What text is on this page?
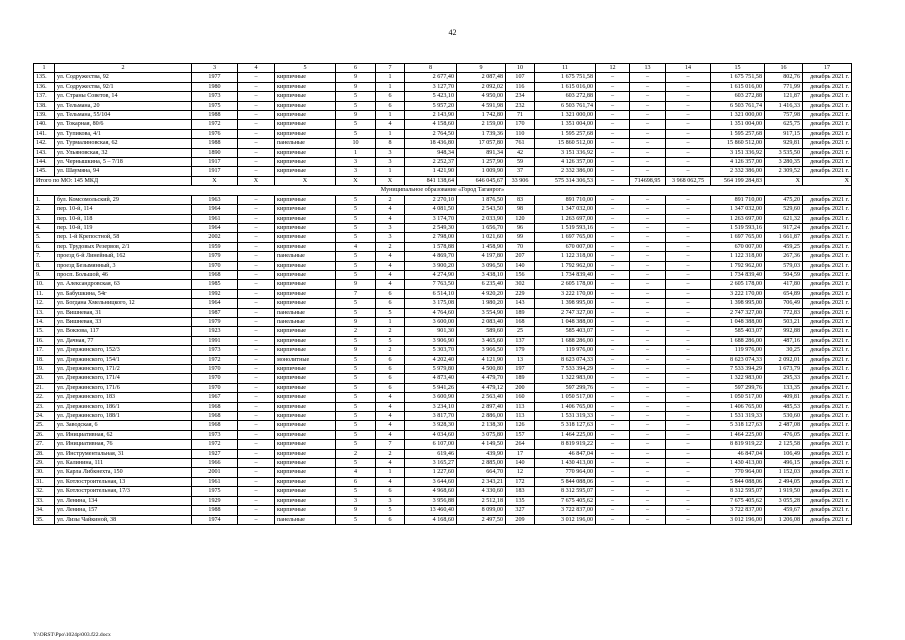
42
1	2	3	4	5	6	7	8	9	10	11	12	13	14	15	16	17
135.	ул. Содружества, 92	1977	–	кирпичные	9	1	2 677,40	2 087,48	107	1 675 751,58	–	–	–	1 675 751,58	802,76	декабрь 2021 г.
136.	ул. Содружества, 92/1	1980	–	кирпичные	9	1	3 127,70	2 092,02	116	1 615 016,00	–	–	–	1 615 016,00	771,99	декабрь 2021 г.
137.	ул. Страны Советов, 14	1973	–	кирпичные	5	6	5 423,10	4 950,00	234	603 272,88	–	–	–	603 272,88	121,87	декабрь 2021 г.
138.	ул. Тельмана, 20	1975	–	кирпичные	5	6	5 957,20	4 591,98	232	6 503 761,74	–	–	–	6 503 761,74	1 416,33	декабрь 2021 г.
139.	ул. Тельмана, 55/104	1988	–	кирпичные	9	1	2 143,90	1 742,80	71	1 321 000,00	–	–	–	1 321 000,00	757,98	декабрь 2021 г.
140.	ул. Токарная, 80/6	1972	–	кирпичные	5	4	4 158,60	2 159,00	170	1 351 004,00	–	–	–	1 351 004,00	625,75	декабрь 2021 г.
141.	ул. Тупикова, 4/1	1976	–	кирпичные	5	1	2 764,50	1 739,36	110	1 595 257,68	–	–	–	1 595 257,68	917,15	декабрь 2021 г.
142.	ул. Турмалиновская, 62	1988	–	панельные	10	8	18 436,80	17 057,80	761	15 860 512,00	–	–	–	15 860 512,00	929,81	декабрь 2021 г.
143.	ул. Ульяновская, 32	1890	–	кирпичные	1	3	948,34	891,34	42	3 151 336,92	–	–	–	3 151 336,92	3 535,50	декабрь 2021 г.
144.	ул. Чернышкина, 5 – 7/18	1917	–	кирпичные	3	3	2 252,37	1 257,90	59	4 126 357,00	–	–	–	4 126 357,00	3 280,35	декабрь 2021 г.
145.	ул. Шаумяна, 94	1917	–	кирпичные	3	1	1 421,90	1 009,90	37	2 332 386,00	–	–	–	2 332 386,00	2 309,52	декабрь 2021 г.
Итого по МО: 145 МКД		X	X	X	X	X	841 138,64	646 045,67	33 906	575 314 306,53	–	714698,95	3 968 062,75	564 199 284,83	X	X
Муниципальное образование «Город Таганрог»																
1.	бул. Комсомольский, 29	1963	–	кирпичные	5	2	2 270,10	1 876,50	83	891 710,00	–	–	–	891 710,00	475,20	декабрь 2021 г.
2.	пер. 10-й, 114	1964	–	кирпичные	5	4	4 081,50	2 543,50	98	1 347 032,00	–	–	–	1 347 032,00	529,60	декабрь 2021 г.
3.	пер. 10-й, 118	1961	–	кирпичные	5	4	3 174,70	2 033,90	120	1 263 697,00	–	–	–	1 263 697,00	621,32	декабрь 2021 г.
4.	пер. 10-й, 119	1964	–	кирпичные	5	3	2 549,30	1 656,70	96	1 519 593,16	–	–	–	1 519 593,16	917,24	декабрь 2021 г.
5.	пер. 1-й Крепостной, 58	2002	–	кирпичные	5	3	2 798,00	1 021,60	99	1 697 765,00	–	–	–	1 697 765,00	1 661,87	декабрь 2021 г.
6.	пер. Трудовых Резервов, 2/1	1959	–	кирпичные	4	2	1 578,88	1 458,90	70	670 007,00	–	–	–	670 007,00	459,25	декабрь 2021 г.
7.	проезд 6-й Линейный, 162	1979	–	панельные	5	4	4 869,70	4 197,80	207	1 122 318,00	–	–	–	1 122 318,00	267,36	декабрь 2021 г.
8.	проезд Безымянный, 3	1970	–	кирпичные	5	4	3 900,20	3 096,50	140	1 792 962,00	–	–	–	1 792 962,00	579,03	декабрь 2021 г.
9.	просп. Большой, 46	1968	–	кирпичные	5	4	4 274,90	3 438,10	156	1 734 839,40	–	–	–	1 734 839,40	504,59	декабрь 2021 г.
10.	ул. Александровская, 63	1985	–	кирпичные	9	4	7 763,50	6 235,40	302	2 605 178,00	–	–	–	2 605 178,00	417,80	декабрь 2021 г.
11.	ул. Бабушкина, 54г	1992	–	кирпичные	7	6	6 514,10	4 920,20	229	3 222 170,00	–	–	–	3 222 170,00	654,89	декабрь 2021 г.
12.	ул. Богдана Хмельницкого, 12	1964	–	кирпичные	5	6	3 175,08	1 980,20	143	1 398 995,00	–	–	–	1 398 995,00	706,49	декабрь 2021 г.
13.	ул. Вишневая, 31	1987	–	панельные	5	5	4 764,60	3 554,90	189	2 747 327,00	–	–	–	2 747 327,00	772,83	декабрь 2021 г.
14.	ул. Вишневая, 33	1979	–	панельные	9	1	3 600,00	2 083,40	168	1 048 388,00	–	–	–	1 048 388,00	503,21	декабрь 2021 г.
15.	ул. Вокзова, 117	1923	–	кирпичные	2	2	901,30	589,60	25	585 403,07	–	–	–	585 403,07	992,88	декабрь 2021 г.
16.	ул. Дачная, 77	1991	–	кирпичные	5	5	3 906,90	3 465,60	137	1 688 286,00	–	–	–	1 688 286,00	487,16	декабрь 2021 г.
17.	ул. Дзержинского, 152/3	1973	–	кирпичные	9	2	5 303,70	3 966,50	179	119 976,00	–	–	–	119 976,00	30,25	декабрь 2021 г.
18.	ул. Дзержинского, 154/1	1972	–	монолитные	5	6	4 202,40	4 121,90	13	8 623 074,33	–	–	–	8 623 074,33	2 092,01	декабрь 2021 г.
19.	ул. Дзержинского, 171/2	1970	–	кирпичные	5	6	5 979,80	4 500,80	197	7 533 394,29	–	–	–	7 533 394,29	1 673,79	декабрь 2021 г.
20.	ул. Дзержинского, 171/4	1970	–	кирпичные	5	6	4 873,40	4 479,70	189	1 322 983,00	–	–	–	1 322 983,00	295,33	декабрь 2021 г.
21.	ул. Дзержинского, 171/6	1970	–	кирпичные	5	6	5 941,26	4 479,12	200	597 299,76	–	–	–	597 299,76	133,35	декабрь 2021 г.
22.	ул. Дзержинского, 183	1967	–	кирпичные	5	4	3 600,90	2 563,40	160	1 050 517,00	–	–	–	1 050 517,00	409,81	декабрь 2021 г.
23.	ул. Дзержинского, 186/1	1968	–	кирпичные	5	4	3 234,10	2 897,40	113	1 406 765,00	–	–	–	1 406 765,00	485,53	декабрь 2021 г.
24.	ул. Дзержинского, 188/1	1968	–	кирпичные	5	4	3 817,70	2 886,00	113	1 531 319,33	–	–	–	1 531 319,33	530,60	декабрь 2021 г.
25.	ул. Заводская, 6	1968	–	кирпичные	5	4	3 928,30	2 138,30	126	5 318 127,63	–	–	–	5 318 127,63	2 487,08	декабрь 2021 г.
26.	ул. Инициативная, 62	1973	–	кирпичные	5	4	4 034,60	3 075,80	157	1 464 225,00	–	–	–	1 464 225,00	476,05	декабрь 2021 г.
27.	ул. Инициативная, 76	1972	–	кирпичные	5	7	6 107,00	4 149,50	264	8 819 919,22	–	–	–	8 819 919,22	2 125,58	декабрь 2021 г.
28.	ул. Инструментальная, 31	1927	–	кирпичные	2	2	619,46	439,90	17	46 847,04	–	–	–	46 847,04	106,49	декабрь 2021 г.
29.	ул. Калинина, 111	1966	–	кирпичные	5	4	3 165,27	2 885,00	140	1 430 413,00	–	–	–	1 430 413,00	496,15	декабрь 2021 г.
30.	ул. Карла Либкнехта, 150	2001	–	кирпичные	4	1	1 227,60	664,70	12	770 964,00	–	–	–	770 964,00	1 152,03	декабрь 2021 г.
31.	ул. Котлостроительная, 13	1961	–	кирпичные	6	4	3 644,60	2 343,21	172	5 844 088,06	–	–	–	5 844 088,06	2 494,05	декабрь 2021 г.
32.	ул. Котлостроительная, 17/3	1975	–	кирпичные	5	6	4 968,60	4 330,60	183	8 312 595,07	–	–	–	8 312 595,07	1 919,50	декабрь 2021 г.
33.	ул. Ленина, 134	1929	–	кирпичные	3	3	3 956,88	2 512,18	135	7 675 405,62	–	–	–	7 675 405,62	3 055,28	декабрь 2021 г.
34.	ул. Ленина, 157	1988	–	кирпичные	9	5	13 460,40	8 099,00	327	3 722 837,00	–	–	–	3 722 837,00	459,67	декабрь 2021 г.
35.	ул. Лизы Чайкиной, 38	1974	–	панельные	5	6	4 168,60	2 497,50	209	3 012 196,00	–	–	–	3 012 196,00	1 206,08	декабрь 2021 г.
Y:\ORST\Ppo\1024p\003.f22.docx
